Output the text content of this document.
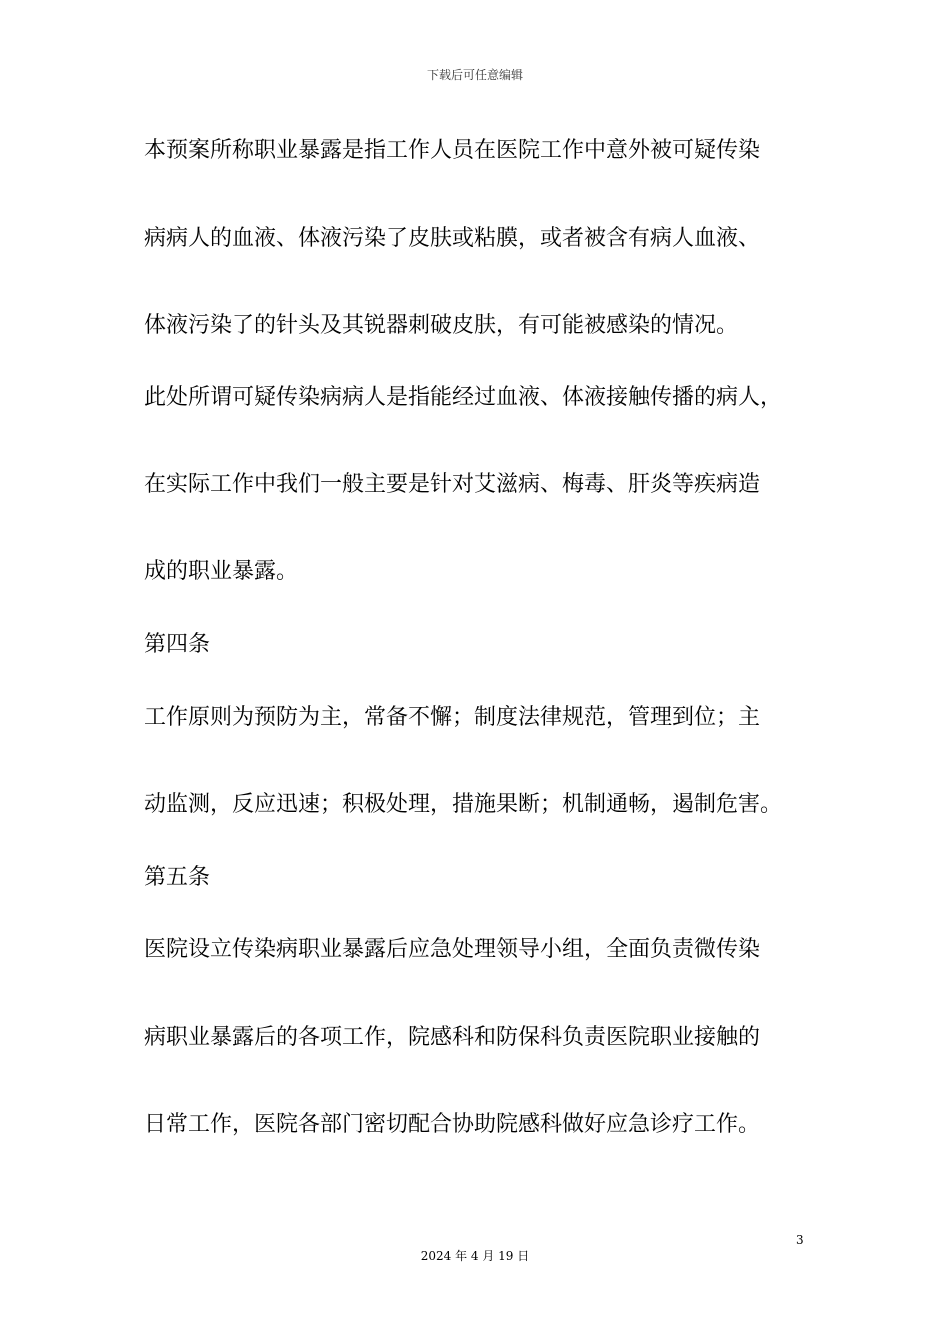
下载后可任意编辑
本预案所称职业暴露是指工作人员在医院工作中意外被可疑传染
病病人的血液、体液污染了皮肤或粘膜，或者被含有病人血液、
体液污染了的针头及其锐器刺破皮肤，有可能被感染的情况。
此处所谓可疑传染病病人是指能经过血液、体液接触传播的病人，
在实际工作中我们一般主要是针对艾滋病、梅毒、肝炎等疾病造
成的职业暴露。
第四条
工作原则为预防为主，常备不懈；制度法律规范，管理到位；主
动监测，反应迅速；积极处理，措施果断；机制通畅，遏制危害。
第五条
医院设立传染病职业暴露后应急处理领导小组，全面负责微传染
病职业暴露后的各项工作，院感科和防保科负责医院职业接触的
日常工作，医院各部门密切配合协助院感科做好应急诊疗工作。
3
2024 年 4 月 19 日
